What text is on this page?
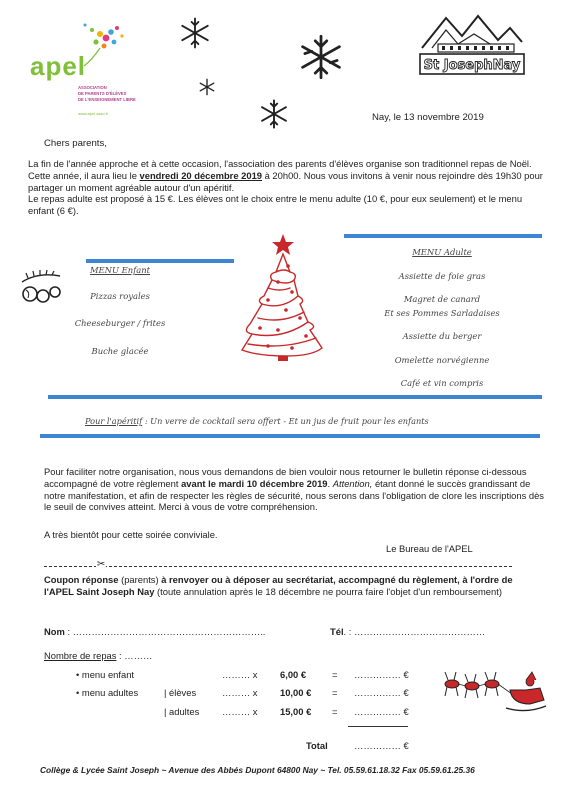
apel
ASSOCIATION
DE PARENTS D'ÉLÈVES
DE L'ENSEIGNEMENT LIBRE
www.apel.asso.fr
St JosephNay
Nay, le 13 novembre 2019
Chers parents,
La fin de l'année approche et à cette occasion, l'association des parents d'élèves organise son traditionnel repas de Noël. Cette année, il aura lieu le vendredi 20 décembre 2019 à 20h00. Nous vous invitons à venir nous rejoindre dès 19h30 pour partager un moment agréable autour d'un apéritif.
Le repas adulte est proposé à 15 €. Les élèves ont le choix entre le menu adulte (10 €, pour eux seulement) et le menu enfant (6 €).
MENU Enfant
Pizzas royales
Cheeseburger / frites
Buche glacée
MENU Adulte
Assiette de foie gras
Magret de canard
Et ses Pommes Sarladaises
Assiette du berger
Omelette norvégienne
Café et vin compris
Pour l'apéritif : Un verre de cocktail sera offert - Et un jus de fruit pour les enfants
Pour faciliter notre organisation, nous vous demandons de bien vouloir nous retourner le bulletin réponse ci-dessous accompagné de votre règlement avant le mardi 10 décembre 2019. Attention, étant donné le succès grandissant de notre manifestation, et afin de respecter les règles de sécurité, nous serons dans l'obligation de clore les inscriptions dès le seuil de convives atteint. Merci à vous de votre compréhension.
A très bientôt pour cette soirée conviviale.
Le Bureau de l'APEL
✂
Coupon réponse (parents) à renvoyer ou à déposer au secrétariat, accompagné du règlement, à l'ordre de l'APEL Saint Joseph Nay (toute annulation après le 18 décembre ne pourra faire l'objet d'un remboursement)
Nom : ……………………………………………………..	Tél. : ……………………………………
Nombre de repas : ………
• menu enfant	……… x 6,00 €	= …………… €
• menu adultes	| élèves	……… x 10,00 € = …………… €
| adultes ……… x 15,00 € = …………… €
Total	…………… €
Collège & Lycée Saint Joseph ~ Avenue des Abbés Dupont 64800 Nay ~ Tel. 05.59.61.18.32 Fax 05.59.61.25.36
